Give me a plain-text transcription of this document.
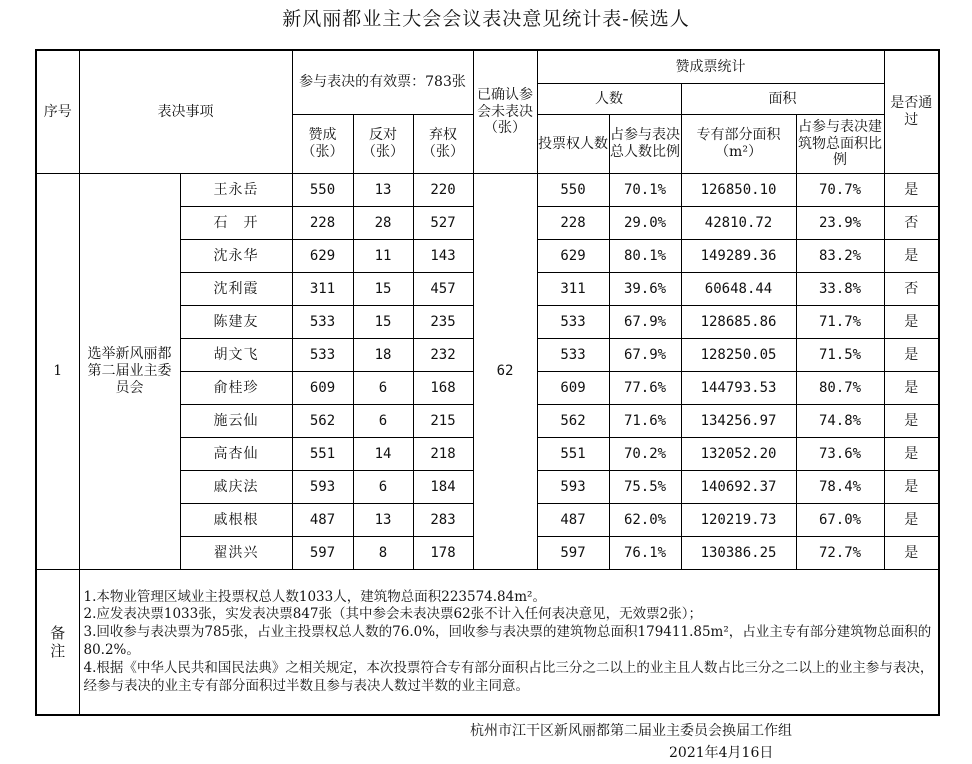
新风丽都业主大会会议表决意见统计表-候选人
序号	表决事项		参与表决的有效票：783张			已确认参会未表决（张）	赞成票统计				是否通过
							人数		面积		
			赞成（张）	反对（张）	弃权（张）		投票权人数	占参与表决总人数比例	专有部分面积（m²）	占参与表决建筑物总面积比例	
1	选举新风丽都第二届业主委员会	王永岳	550	13	220	62	550	70.1%	126850.10	70.7%	是
		石　开	228	28	527		228	29.0%	42810.72	23.9%	否
		沈永华	629	11	143		629	80.1%	149289.36	83.2%	是
		沈利霞	311	15	457		311	39.6%	60648.44	33.8%	否
		陈建友	533	15	235		533	67.9%	128685.86	71.7%	是
		胡文飞	533	18	232		533	67.9%	128250.05	71.5%	是
		俞桂珍	609	6	168		609	77.6%	144793.53	80.7%	是
		施云仙	562	6	215		562	71.6%	134256.97	74.8%	是
		高杏仙	551	14	218		551	70.2%	132052.20	73.6%	是
		戚庆法	593	6	184		593	75.5%	140692.37	78.4%	是
		戚根根	487	13	283		487	62.0%	120219.73	67.0%	是
		翟洪兴	597	8	178		597	76.1%	130386.25	72.7%	是
备注	1.本物业管理区域业主投票权总人数1033人，建筑物总面积223574.84m²。
2.应发表决票1033张，实发表决票847张（其中参会未表决票62张不计入任何表决意见，无效票2张）；
3.回收参与表决票为785张，占业主投票权总人数的76.0%，回收参与表决票的建筑物总面积179411.85m²，占业主专有部分建筑物总面积的80.2%。
4.根据《中华人民共和国民法典》之相关规定，本次投票符合专有部分面积占比三分之二以上的业主且人数占比三分之二以上的业主参与表决，经参与表决的业主专有部分面积过半数且参与表决人数过半数的业主同意。										
杭州市江干区新风丽都第二届业主委员会换届工作组
2021年4月16日
